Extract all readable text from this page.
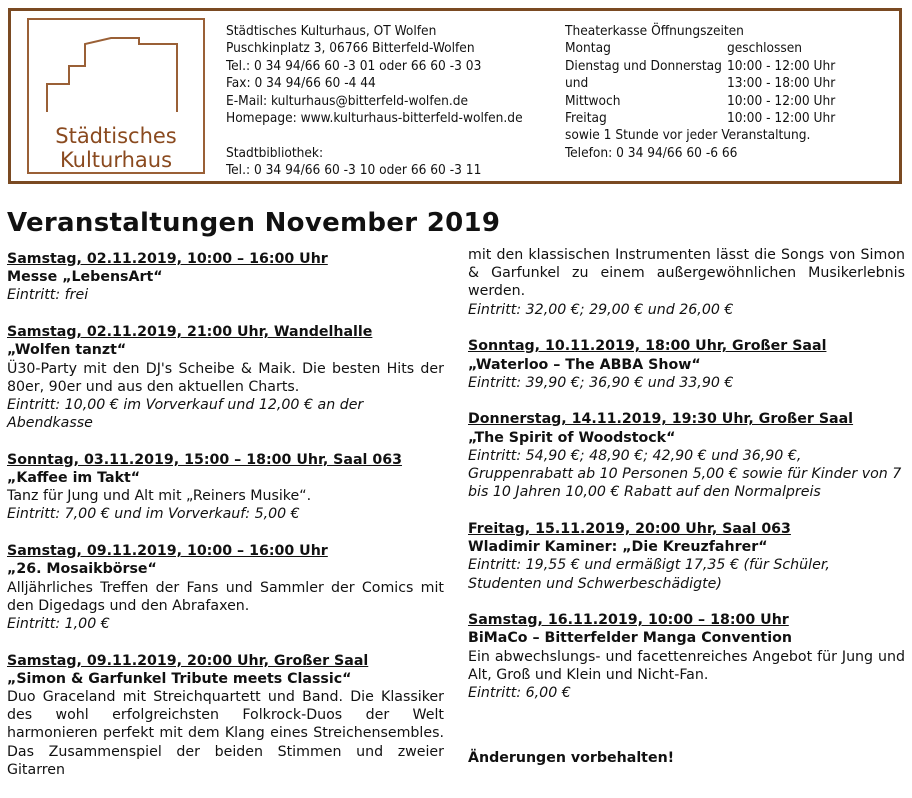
Städtisches
Kulturhaus
Städtisches Kulturhaus, OT Wolfen
Puschkinplatz 3, 06766 Bitterfeld-Wolfen
Tel.: 0 34 94/66 60 -3 01 oder 66 60 -3 03
Fax: 0 34 94/66 60 -4 44
E-Mail: kulturhaus@bitterfeld-wolfen.de
Homepage: www.kulturhaus-bitterfeld-wolfen.de
Stadtbibliothek:
Tel.: 0 34 94/66 60 -3 10 oder 66 60 -3 11
Theaterkasse Öffnungszeiten
Montag	geschlossen
Dienstag und Donnerstag 10:00 - 12:00 Uhr
und	13:00 - 18:00 Uhr
Mittwoch	10:00 - 12:00 Uhr
Freitag	10:00 - 12:00 Uhr
sowie 1 Stunde vor jeder Veranstaltung.
Telefon: 0 34 94/66 60 -6 66
Veranstaltungen November 2019
Samstag, 02.11.2019, 10:00 – 16:00 Uhr
Messe „LebensArt“
Eintritt: frei
Samstag, 02.11.2019, 21:00 Uhr, Wandelhalle
„Wolfen tanzt“
Ü30-Party mit den DJ's Scheibe & Maik. Die besten Hits der 80er, 90er und aus den aktuellen Charts.
Eintritt: 10,00 € im Vorverkauf und 12,00 € an der Abendkasse
Sonntag, 03.11.2019, 15:00 – 18:00 Uhr, Saal 063
„Kaffee im Takt“
Tanz für Jung und Alt mit „Reiners Musike“.
Eintritt: 7,00 € und im Vorverkauf: 5,00 €
Samstag, 09.11.2019, 10:00 – 16:00 Uhr
„26. Mosaikbörse“
Alljährliches Treffen der Fans und Sammler der Comics mit den Digedags und den Abrafaxen.
Eintritt: 1,00 €
Samstag, 09.11.2019, 20:00 Uhr, Großer Saal
„Simon & Garfunkel Tribute meets Classic“
Duo Graceland mit Streichquartett und Band. Die Klassiker des wohl erfolgreichsten Folkrock-Duos der Welt harmonieren perfekt mit dem Klang eines Streichensembles. Das Zusammenspiel der beiden Stimmen und zweier Gitarren
mit den klassischen Instrumenten lässt die Songs von Simon & Garfunkel zu einem außergewöhnlichen Musikerlebnis werden.
Eintritt: 32,00 €; 29,00 € und 26,00 €
Sonntag, 10.11.2019, 18:00 Uhr, Großer Saal
„Waterloo – The ABBA Show“
Eintritt: 39,90 €; 36,90 € und 33,90 €
Donnerstag, 14.11.2019, 19:30 Uhr, Großer Saal
„The Spirit of Woodstock“
Eintritt: 54,90 €; 48,90 €; 42,90 € und 36,90 €, Gruppenrabatt ab 10 Personen 5,00 € sowie für Kinder von 7 bis 10 Jahren 10,00 € Rabatt auf den Normalpreis
Freitag, 15.11.2019, 20:00 Uhr, Saal 063
Wladimir Kaminer: „Die Kreuzfahrer“
Eintritt: 19,55 € und ermäßigt 17,35 € (für Schüler, Studenten und Schwerbeschädigte)
Samstag, 16.11.2019, 10:00 – 18:00 Uhr
BiMaCo – Bitterfelder Manga Convention
Ein abwechslungs- und facettenreiches Angebot für Jung und Alt, Groß und Klein und Nicht-Fan.
Eintritt: 6,00 €
Änderungen vorbehalten!
